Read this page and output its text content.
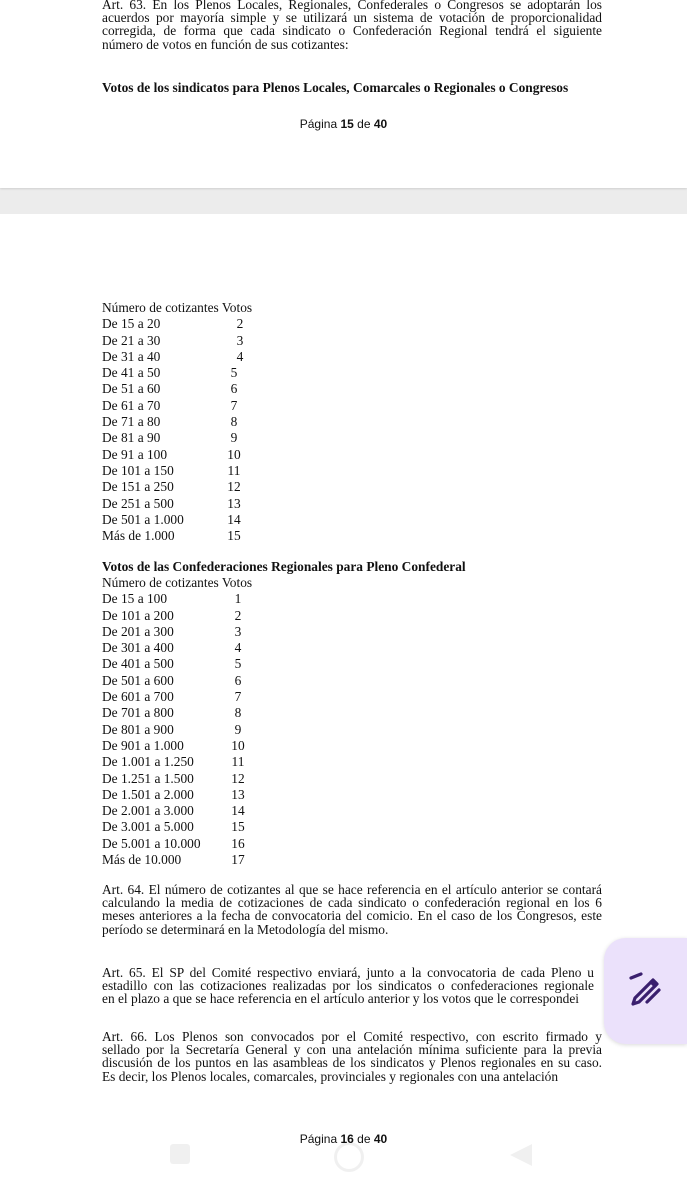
Art. 63. En los Plenos Locales, Regionales, Confederales o Congresos se adoptarán los
acuerdos por mayoría simple y se utilizará un sistema de votación de proporcionalidad
corregida, de forma que cada sindicato o Confederación Regional tendrá el siguiente
número de votos en función de sus cotizantes:
Votos de los sindicatos para Plenos Locales, Comarcales o Regionales o Congresos
Página 15 de 40
Número de cotizantes Votos
De 15 a 20	2
De 21 a 30	3
De 31 a 40	4
De 41 a 50	5
De 51 a 60	6
De 61 a 70	7
De 71 a 80	8
De 81 a 90	9
De 91 a 100	10
De 101 a 150	11
De 151 a 250	12
De 251 a 500	13
De 501 a 1.000	14
Más de 1.000	15
Votos de las Confederaciones Regionales para Pleno Confederal
Número de cotizantes Votos
De 15 a 100	1
De 101 a 200	2
De 201 a 300	3
De 301 a 400	4
De 401 a 500	5
De 501 a 600	6
De 601 a 700	7
De 701 a 800	8
De 801 a 900	9
De 901 a 1.000	10
De 1.001 a 1.250	11
De 1.251 a 1.500	12
De 1.501 a 2.000	13
De 2.001 a 3.000	14
De 3.001 a 5.000	15
De 5.001 a 10.000 16
Más de 10.000	17
Art. 64. El número de cotizantes al que se hace referencia en el artículo anterior se contará
calculando la media de cotizaciones de cada sindicato o confederación regional en los 6
meses anteriores a la fecha de convocatoria del comicio. En el caso de los Congresos, este
período se determinará en la Metodología del mismo.
Art. 65. El SP del Comité respectivo enviará, junto a la convocatoria de cada Pleno u
estadillo con las cotizaciones realizadas por los sindicatos o confederaciones regionale
en el plazo a que se hace referencia en el artículo anterior y los votos que le correspondei
Art. 66. Los Plenos son convocados por el Comité respectivo, con escrito firmado y
sellado por la Secretaría General y con una antelación mínima suficiente para la previa
discusión de los puntos en las asambleas de los sindicatos y Plenos regionales en su caso.
Es decir, los Plenos locales, comarcales, provinciales y regionales con una antelación
Página 16 de 40
